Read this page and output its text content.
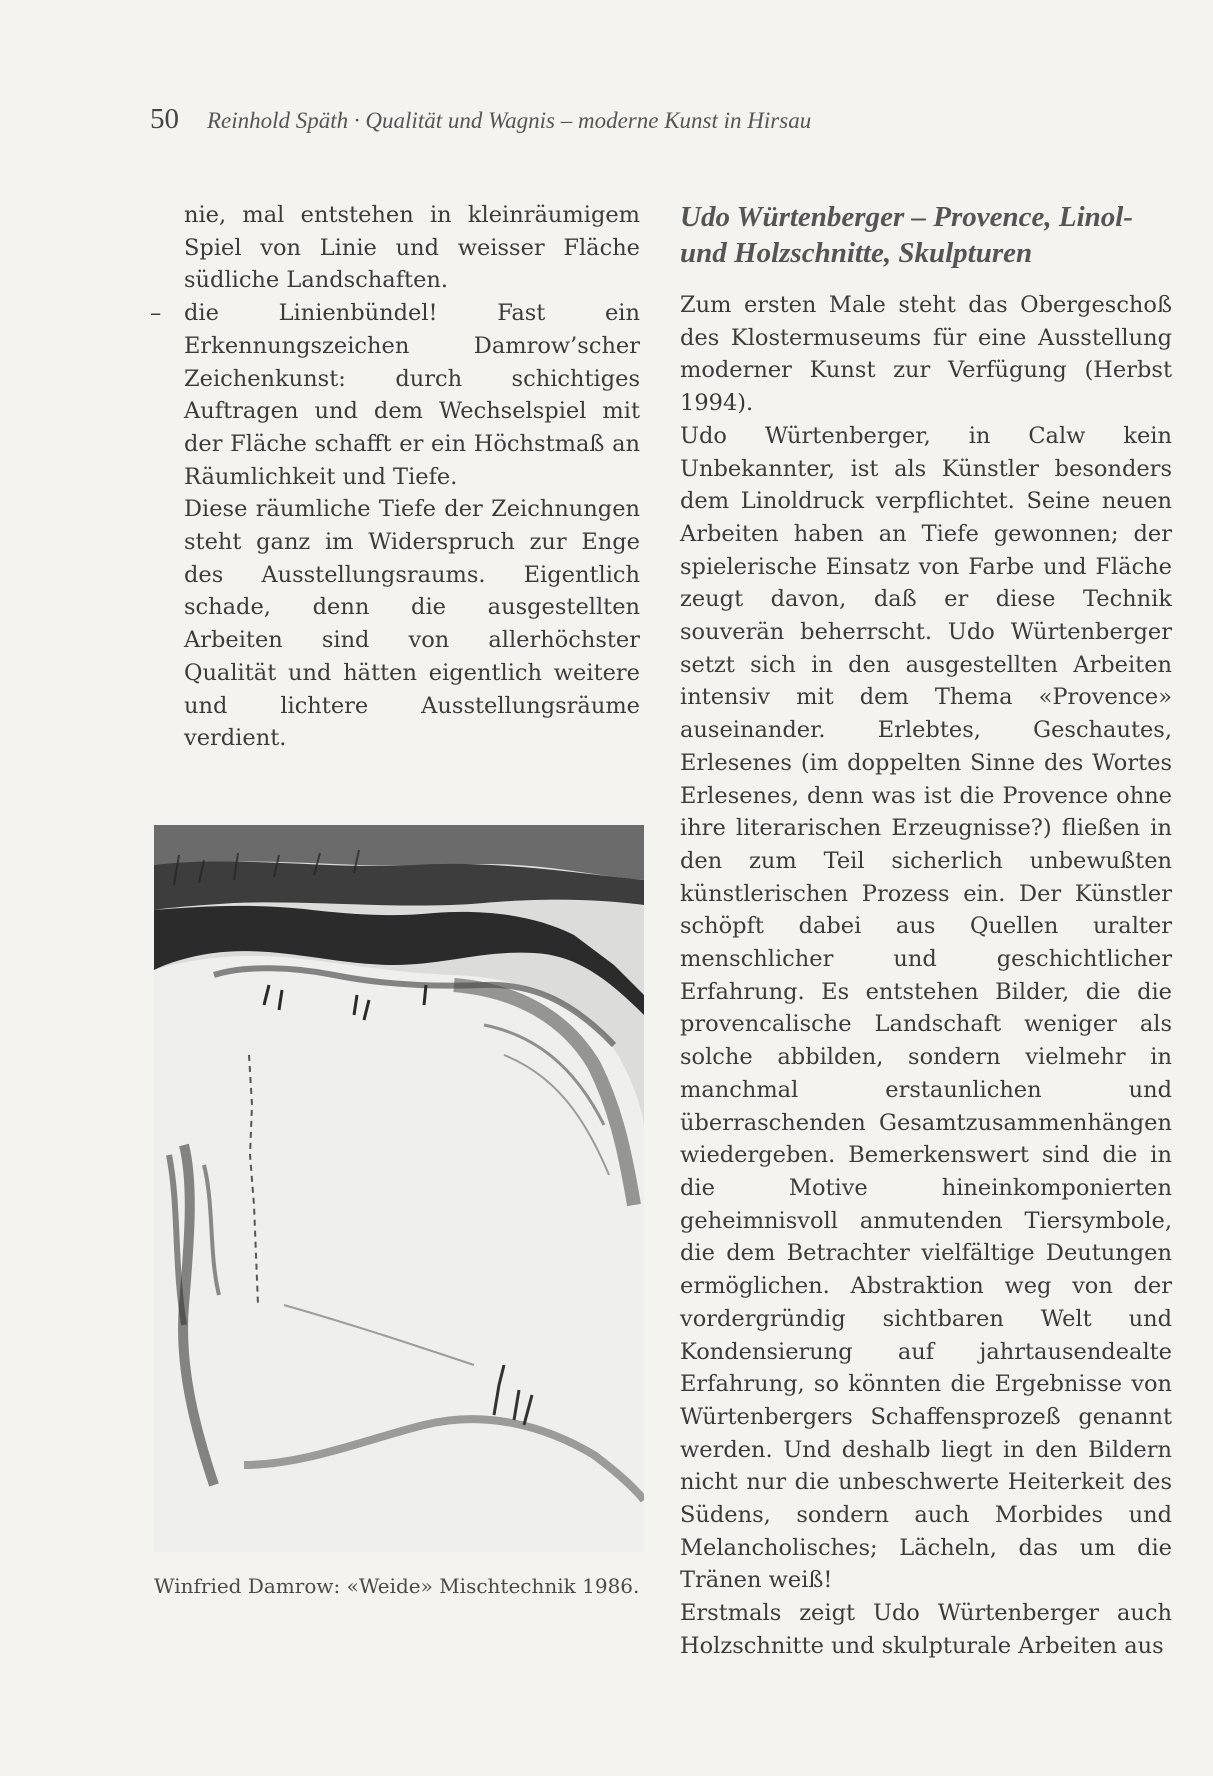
50 Reinhold Späth · Qualität und Wagnis – moderne Kunst in Hirsau

nie, mal entstehen in kleinräumigem Spiel von Linie und weisser Fläche südliche Landschaften.

– die Linienbündel! Fast ein Erkennungszeichen Damrow’scher Zeichenkunst: durch schichtiges Auftragen und dem Wechselspiel mit der Fläche schafft er ein Höchstmaß an Räumlichkeit und Tiefe.

Diese räumliche Tiefe der Zeichnungen steht ganz im Widerspruch zur Enge des Ausstellungsraums. Eigentlich schade, denn die ausgestellten Arbeiten sind von allerhöchster Qualität und hätten eigentlich weitere und lichtere Ausstellungsräume verdient.

Winfried Damrow: «Weide» Mischtechnik 1986.
Udo Würtenberger – Provence, Linol- und Holzschnitte, Skulpturen

Zum ersten Male steht das Obergeschoß des Klostermuseums für eine Ausstellung moderner Kunst zur Verfügung (Herbst 1994).

Udo Würtenberger, in Calw kein Unbekannter, ist als Künstler besonders dem Linoldruck verpflichtet. Seine neuen Arbeiten haben an Tiefe gewonnen; der spielerische Einsatz von Farbe und Fläche zeugt davon, daß er diese Technik souverän beherrscht. Udo Würtenberger setzt sich in den ausgestellten Arbeiten intensiv mit dem Thema «Provence» auseinander. Erlebtes, Geschautes, Erlesenes (im doppelten Sinne des Wortes Erlesenes, denn was ist die Provence ohne ihre literarischen Erzeugnisse?) fließen in den zum Teil sicherlich unbewußten künstlerischen Prozess ein. Der Künstler schöpft dabei aus Quellen uralter menschlicher und geschichtlicher Erfahrung. Es entstehen Bilder, die die provencalische Landschaft weniger als solche abbilden, sondern vielmehr in manchmal erstaunlichen und überraschenden Gesamtzusammenhängen wiedergeben. Bemerkenswert sind die in die Motive hineinkomponierten geheimnisvoll anmutenden Tiersymbole, die dem Betrachter vielfältige Deutungen ermöglichen. Abstraktion weg von der vordergründig sichtbaren Welt und Kondensierung auf jahrtausendealte Erfahrung, so könnten die Ergebnisse von Würtenbergers Schaffensprozeß genannt werden. Und deshalb liegt in den Bildern nicht nur die unbeschwerte Heiterkeit des Südens, sondern auch Morbides und Melancholisches; Lächeln, das um die Tränen weiß!

Erstmals zeigt Udo Würtenberger auch Holzschnitte und skulpturale Arbeiten aus
